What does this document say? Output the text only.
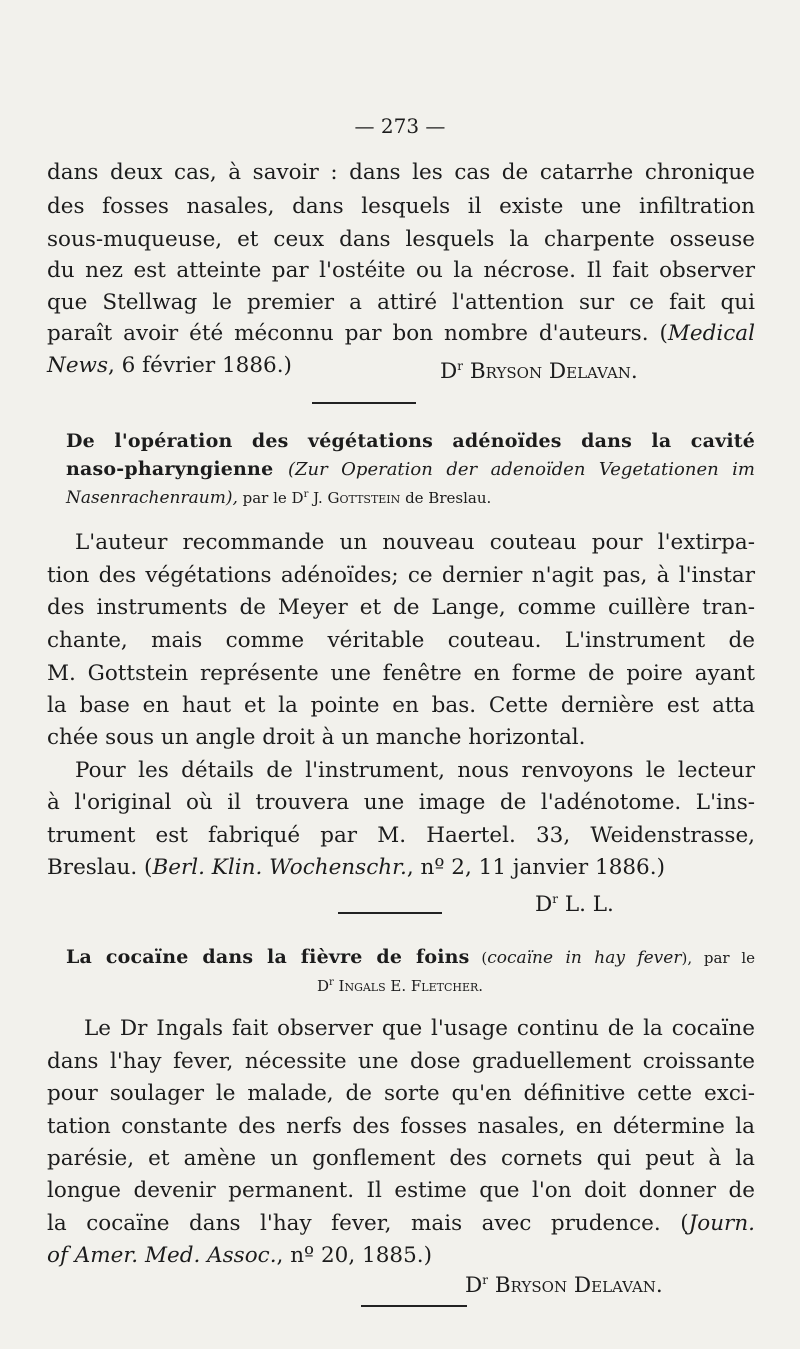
— 273 —
dans deux cas, à savoir : dans les cas de catarrhe chronique
des fosses nasales, dans lesquels il existe une infiltration
sous-muqueuse, et ceux dans lesquels la charpente osseuse
du nez est atteinte par l'ostéite ou la nécrose. Il fait observer
que Stellwag le premier a attiré l'attention sur ce fait qui
paraît avoir été méconnu par bon nombre d'auteurs. (Medical
News, 6 février 1886.)	$D^r$ Bryson Delavan.
De l'opération des végétations adénoïdes dans la cavité
naso-pharyngienne (Zur Operation der adenoïden Vegetationen im
Nasenrachenraum), par le $D^r$ J. Gottstein de Breslau.
L'auteur recommande un nouveau couteau pour l'extirpa-
tion des végétations adénoïdes; ce dernier n'agit pas, à l'instar
des instruments de Meyer et de Lange, comme cuillère tran-
chante, mais comme véritable couteau. L'instrument de
M. Gottstein représente une fenêtre en forme de poire ayant
la base en haut et la pointe en bas. Cette dernière est atta
chée sous un angle droit à un manche horizontal.
Pour les détails de l'instrument, nous renvoyons le lecteur
à l'original où il trouvera une image de l'adénotome. L'ins-
trument est fabriqué par M. Haertel. 33, Weidenstrasse,
Breslau. (Berl. Klin. Wochenschr., nº 2, 11 janvier 1886.)
$D^r$ L. L.
La cocaïne dans la fièvre de foins (cocaïne in hay fever), par le
$D^r$ Ingals E. Fletcher.
Le Dr Ingals fait observer que l'usage continu de la cocaïne
dans l'hay fever, nécessite une dose graduellement croissante
pour soulager le malade, de sorte qu'en définitive cette exci-
tation constante des nerfs des fosses nasales, en détermine la
parésie, et amène un gonflement des cornets qui peut à la
longue devenir permanent. Il estime que l'on doit donner de
la cocaïne dans l'hay fever, mais avec prudence. (Journ.
of Amer. Med. Assoc., nº 20, 1885.)
$D^r$ Bryson Delavan.
